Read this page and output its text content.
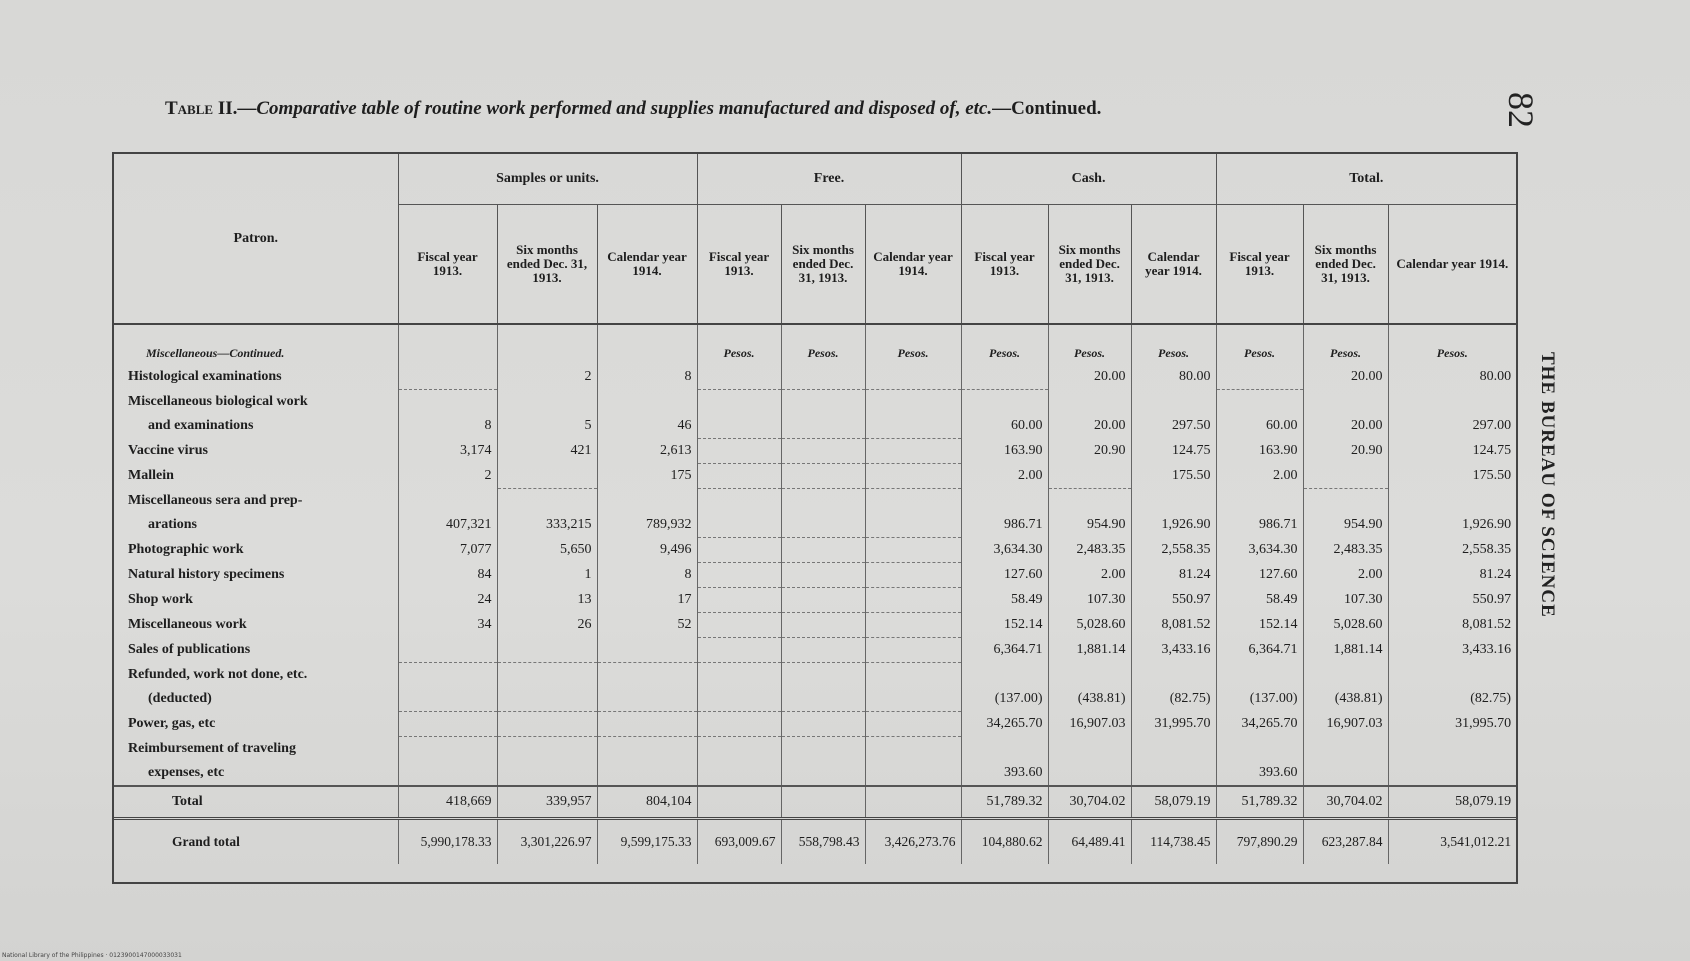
82
THE BUREAU OF SCIENCE
Table II.—Comparative table of routine work performed and supplies manufactured and disposed of, etc.—Continued.
Patron.	Samples or units.			Free.			Cash.			Total.		
	Fiscal year 1913.	Six months ended Dec. 31, 1913.	Calendar year 1914.	Fiscal year 1913.	Six months ended Dec. 31, 1913.	Calendar year 1914.	Fiscal year 1913.	Six months ended Dec. 31, 1913.	Calendar year 1914.	Fiscal year 1913.	Six months ended Dec. 31, 1913.	Calendar year 1914.
Miscellaneous—Continued.				Pesos.	Pesos.	Pesos.	Pesos.	Pesos.	Pesos.	Pesos.	Pesos.	Pesos.
Histological examinations		2	8					20.00	80.00		20.00	80.00
Miscellaneous biological work												
and examinations	8	5	46				60.00	20.00	297.50	60.00	20.00	297.00
Vaccine virus	3,174	421	2,613				163.90	20.90	124.75	163.90	20.90	124.75
Mallein	2		175				2.00		175.50	2.00		175.50
Miscellaneous sera and prep-												
arations	407,321	333,215	789,932				986.71	954.90	1,926.90	986.71	954.90	1,926.90
Photographic work	7,077	5,650	9,496				3,634.30	2,483.35	2,558.35	3,634.30	2,483.35	2,558.35
Natural history specimens	84	1	8				127.60	2.00	81.24	127.60	2.00	81.24
Shop work	24	13	17				58.49	107.30	550.97	58.49	107.30	550.97
Miscellaneous work	34	26	52				152.14	5,028.60	8,081.52	152.14	5,028.60	8,081.52
Sales of publications							6,364.71	1,881.14	3,433.16	6,364.71	1,881.14	3,433.16
Refunded, work not done, etc.												
(deducted)							(137.00)	(438.81)	(82.75)	(137.00)	(438.81)	(82.75)
Power, gas, etc							34,265.70	16,907.03	31,995.70	34,265.70	16,907.03	31,995.70
Reimbursement of traveling												
expenses, etc							393.60			393.60		
Total	418,669	339,957	804,104				51,789.32	30,704.02	58,079.19	51,789.32	30,704.02	58,079.19
Grand total	5,990,178.33	3,301,226.97	9,599,175.33	693,009.67	558,798.43	3,426,273.76	104,880.62	64,489.41	114,738.45	797,890.29	623,287.84	3,541,012.21
National Library of the Philippines · 0123900147000033031
